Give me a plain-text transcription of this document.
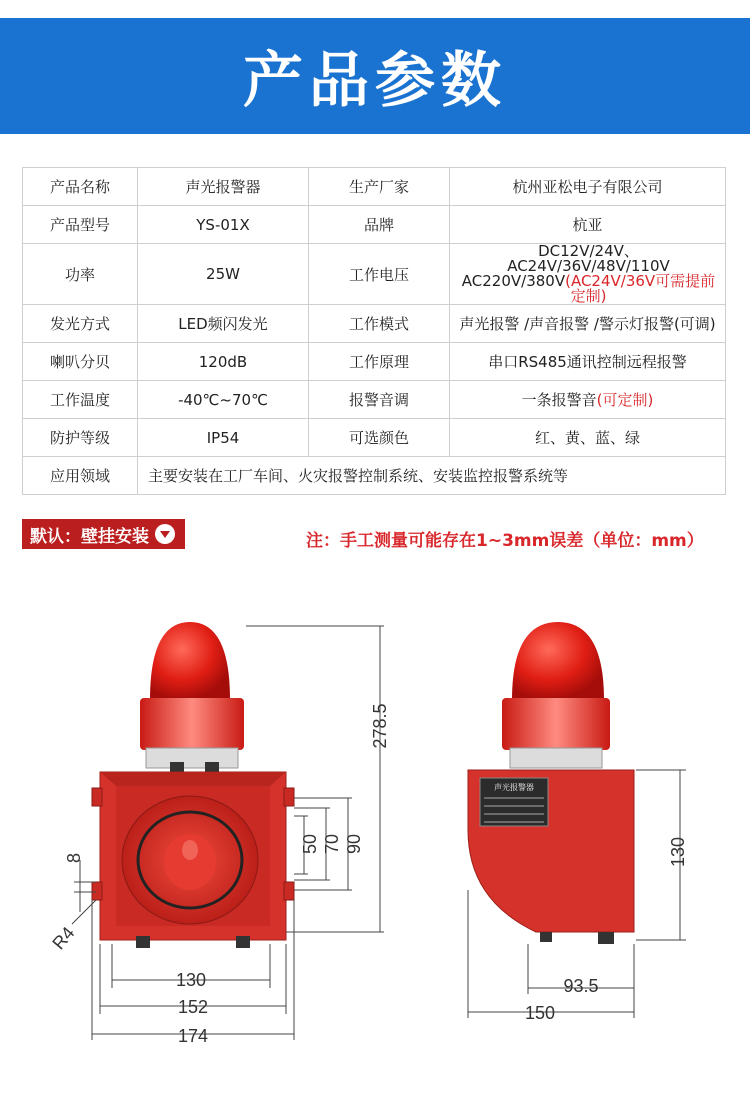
产品参数
产品名称	声光报警器	生产厂家	杭州亚松电子有限公司
产品型号	YS-01X	品牌	杭亚
功率	25W	工作电压	DC12V/24V、AC24V/36V/48V/110V
AC220V/380V(AC24V/36V可需提前定制)

发光方式	LED频闪发光	工作模式	声光报警 /声音报警 /警示灯报警(可调)
喇叭分贝	120dB	工作原理	串口RS485通讯控制远程报警
工作温度	-40℃~70℃	报警音调	一条报警音(可定制)
防护等级	IP54	可选颜色	红、黄、蓝、绿
应用领域	主要安装在工厂车间、火灾报警控制系统、安装监控报警系统等		
默认：壁挂安装	注：手工测量可能存在1~3mm误差（单位：mm）
278.5
50 70 90
8
R4
130
152
174
声光报警器
130
93.5
150
